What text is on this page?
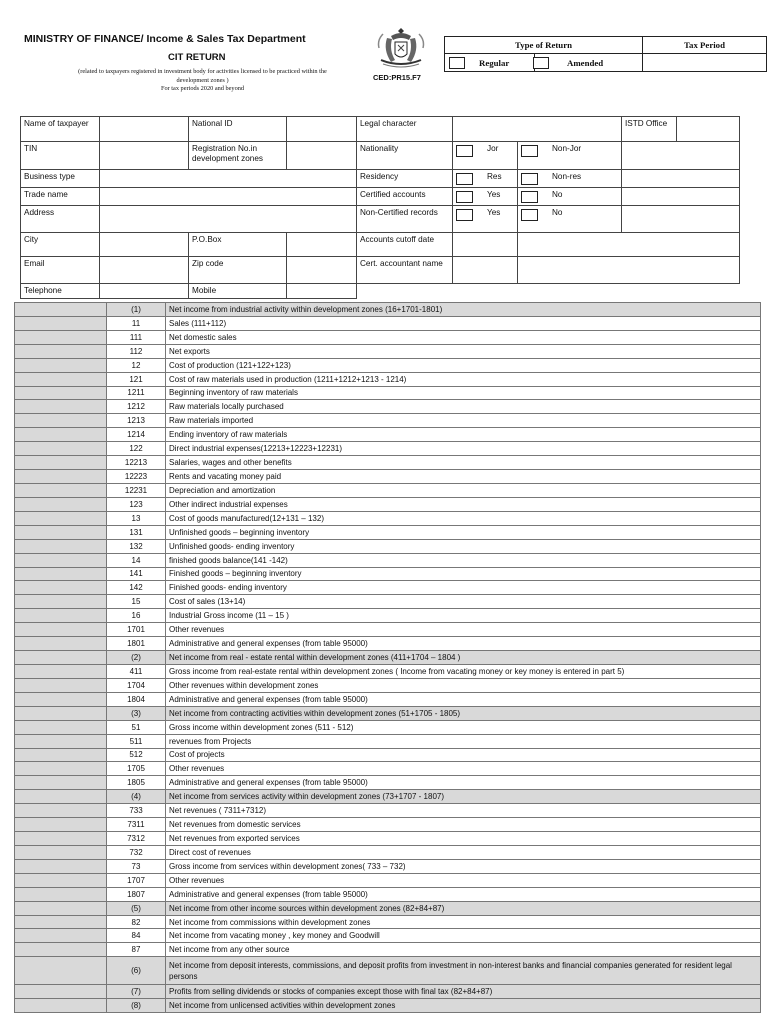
MINISTRY OF FINANCE/ Income & Sales Tax Department
CIT RETURN
(related to taxpayers registered in investment body for activities licensed to be practiced within the
development zones )
For tax periods 2020 and beyond
CED:PR15.F7
Type of Return		Tax Period

Regular	Amended	

Name of taxpayer		National ID		Legal character			ISTD Office	
TIN		Registration No.in development zones		Nationality	Jor	Non-Jor		

Business type				Residency	Res	Non-res		

Trade name				Certified accounts	Yes	No		

Address				Non-Certified records	Yes	No		

City		P.O.Box		Accounts cutoff date				
Email		Zip code		Cert. accountant name				
Telephone		Mobile						
	(1)	Net income from industrial activity within development zones (16+1701-1801)
	11	Sales (111+112)
	111	Net domestic sales
	112	Net exports
	12	Cost of production (121+122+123)
	121	Cost of raw materials used in production (1211+1212+1213 - 1214)
	1211	Beginning inventory of raw materials
	1212	Raw materials locally purchased
	1213	Raw materials imported
	1214	Ending inventory of raw materials
	122	Direct industrial expenses(12213+12223+12231)
	12213	Salaries, wages and other benefits
	12223	Rents and vacating money paid
	12231	Depreciation and amortization
	123	Other indirect industrial expenses
	13	Cost of goods manufactured(12+131 – 132)
	131	Unfinished goods – beginning inventory
	132	Unfinished goods- ending inventory
	14	finished goods balance(141 -142)
	141	Finished goods – beginning inventory
	142	Finished goods- ending inventory
	15	Cost of sales (13+14)
	16	Industrial Gross income (11 – 15 )
	1701	Other revenues
	1801	Administrative and general expenses (from table 95000)
	(2)	Net income from real - estate rental within development zones (411+1704 – 1804 )
	411	Gross income from real-estate rental within development zones ( Income from vacating money or key money is entered in part 5)
	1704	Other revenues within development zones
	1804	Administrative and general expenses (from table 95000)
	(3)	Net income from contracting activities within development zones (51+1705 - 1805)
	51	Gross income within development zones (511 - 512)
	511	revenues from Projects
	512	Cost of projects
	1705	Other revenues
	1805	Administrative and general expenses (from table 95000)
	(4)	Net income from services activity within development zones (73+1707 - 1807)
	733	Net revenues ( 7311+7312)
	7311	Net revenues from domestic services
	7312	Net revenues from exported services
	732	Direct cost of revenues
	73	Gross income from services within development zones( 733 – 732)
	1707	Other revenues
	1807	Administrative and general expenses (from table 95000)
	(5)	Net income from other income sources within development zones (82+84+87)
	82	Net income from commissions within development zones
	84	Net income from vacating money , key money and Goodwill
	87	Net income from any other source
	(6)	Net income from deposit interests, commissions, and deposit profits from investment in non-interest banks and financial companies generated for resident legal persons
	(7)	Profits from selling dividends or stocks of companies except those with final tax (82+84+87)
	(8)	Net income from unlicensed activities within development zones
